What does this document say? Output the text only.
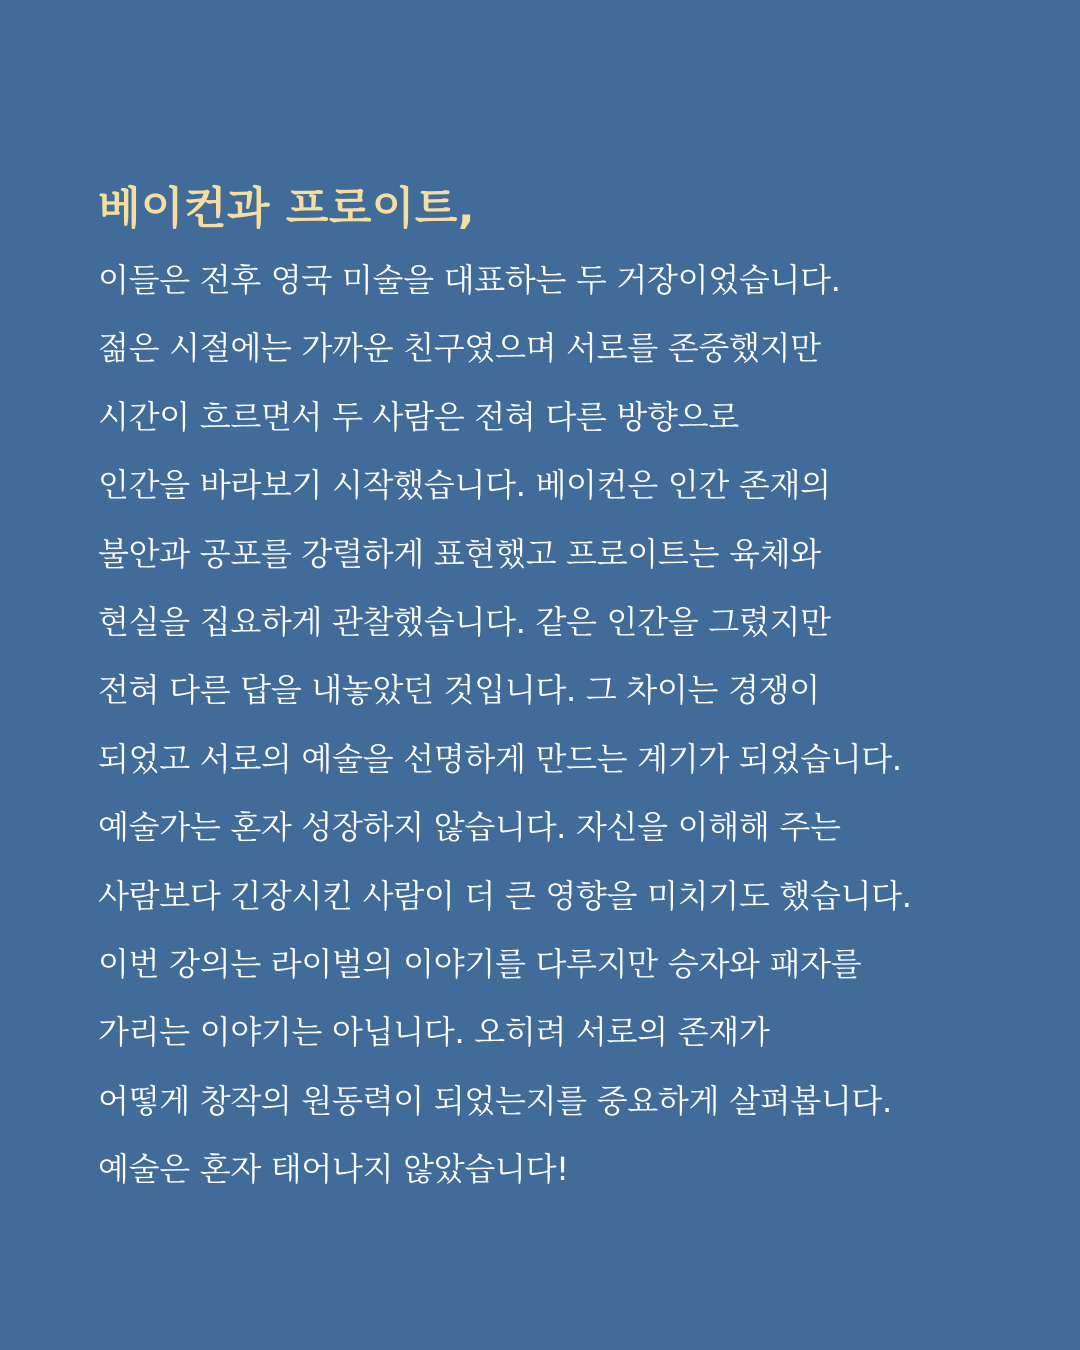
베이컨과 프로이트,
이들은 전후 영국 미술을 대표하는 두 거장이었습니다.
젊은 시절에는 가까운 친구였으며 서로를 존중했지만
시간이 흐르면서 두 사람은 전혀 다른 방향으로
인간을 바라보기 시작했습니다. 베이컨은 인간 존재의
불안과 공포를 강렬하게 표현했고 프로이트는 육체와
현실을 집요하게 관찰했습니다. 같은 인간을 그렸지만
전혀 다른 답을 내놓았던 것입니다. 그 차이는 경쟁이
되었고 서로의 예술을 선명하게 만드는 계기가 되었습니다.
예술가는 혼자 성장하지 않습니다. 자신을 이해해 주는
사람보다 긴장시킨 사람이 더 큰 영향을 미치기도 했습니다.
이번 강의는 라이벌의 이야기를 다루지만 승자와 패자를
가리는 이야기는 아닙니다. 오히려 서로의 존재가
어떻게 창작의 원동력이 되었는지를 중요하게 살펴봅니다.
예술은 혼자 태어나지 않았습니다!
